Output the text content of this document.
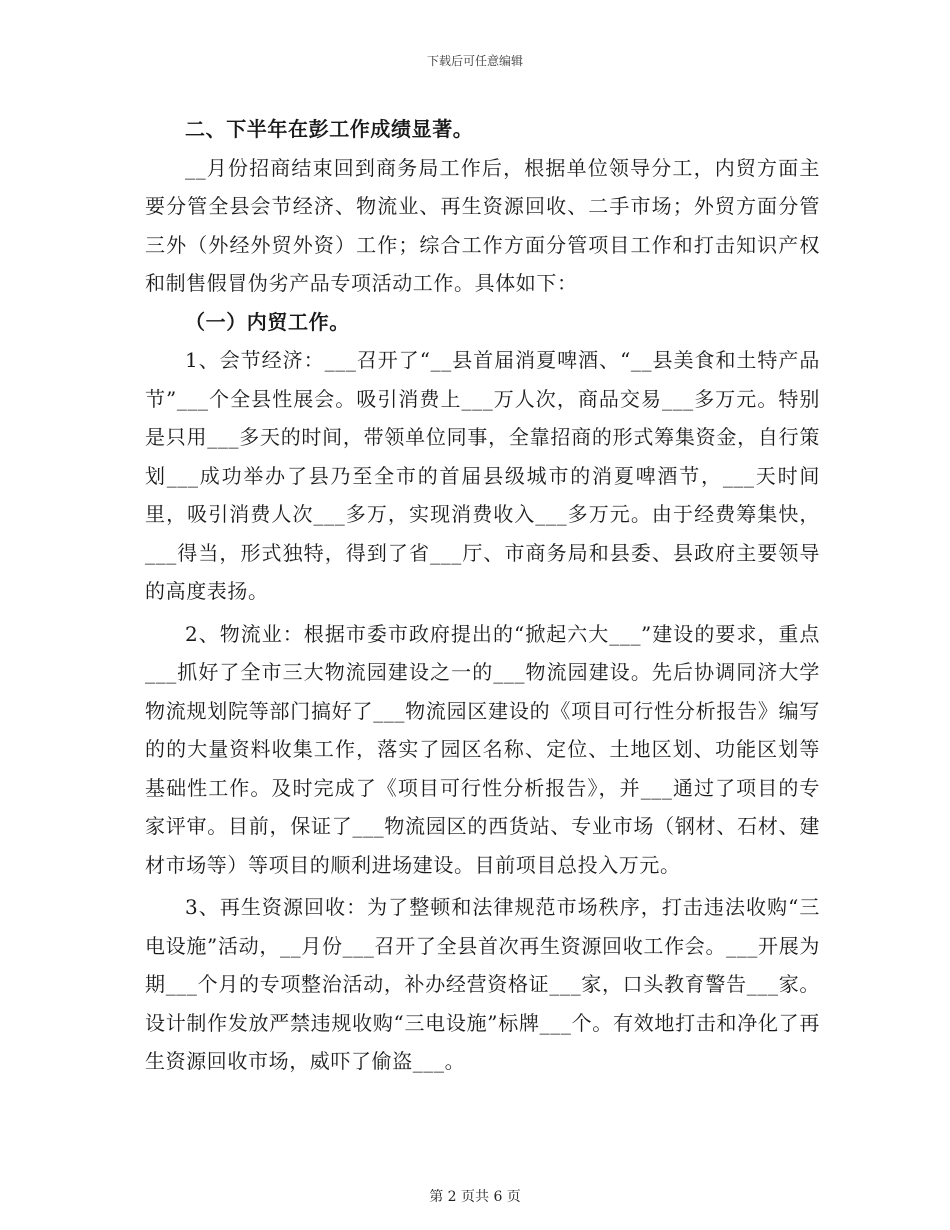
下载后可任意编辑

二、下半年在彭工作成绩显著。

__月份招商结束回到商务局工作后，根据单位领导分工，内贸方面主要分管全县会节经济、物流业、再生资源回收、二手市场；外贸方面分管三外（外经外贸外资）工作；综合工作方面分管项目工作和打击知识产权和制售假冒伪劣产品专项活动工作。具体如下：

（一）内贸工作。

1、会节经济：___召开了“__县首届消夏啤酒、“__县美食和土特产品节”___个全县性展会。吸引消费上___万人次，商品交易___多万元。特别是只用___多天的时间，带领单位同事，全靠招商的形式筹集资金，自行策划___成功举办了县乃至全市的首届县级城市的消夏啤酒节，___天时间里，吸引消费人次___多万，实现消费收入___多万元。由于经费筹集快，___得当，形式独特，得到了省___厅、市商务局和县委、县政府主要领导的高度表扬。

2、物流业：根据市委市政府提出的“掀起六大___”建设的要求，重点___抓好了全市三大物流园建设之一的___物流园建设。先后协调同济大学物流规划院等部门搞好了___物流园区建设的《项目可行性分析报告》编写的的大量资料收集工作，落实了园区名称、定位、土地区划、功能区划等基础性工作。及时完成了《项目可行性分析报告》，并___通过了项目的专家评审。目前，保证了___物流园区的西货站、专业市场（钢材、石材、建材市场等）等项目的顺利进场建设。目前项目总投入万元。

3、再生资源回收：为了整顿和法律规范市场秩序，打击违法收购“三电设施”活动，__月份___召开了全县首次再生资源回收工作会。___开展为期___个月的专项整治活动，补办经营资格证___家，口头教育警告___家。设计制作发放严禁违规收购“三电设施”标牌___个。有效地打击和净化了再生资源回收市场，威吓了偷盗___。

第 2 页共 6 页
